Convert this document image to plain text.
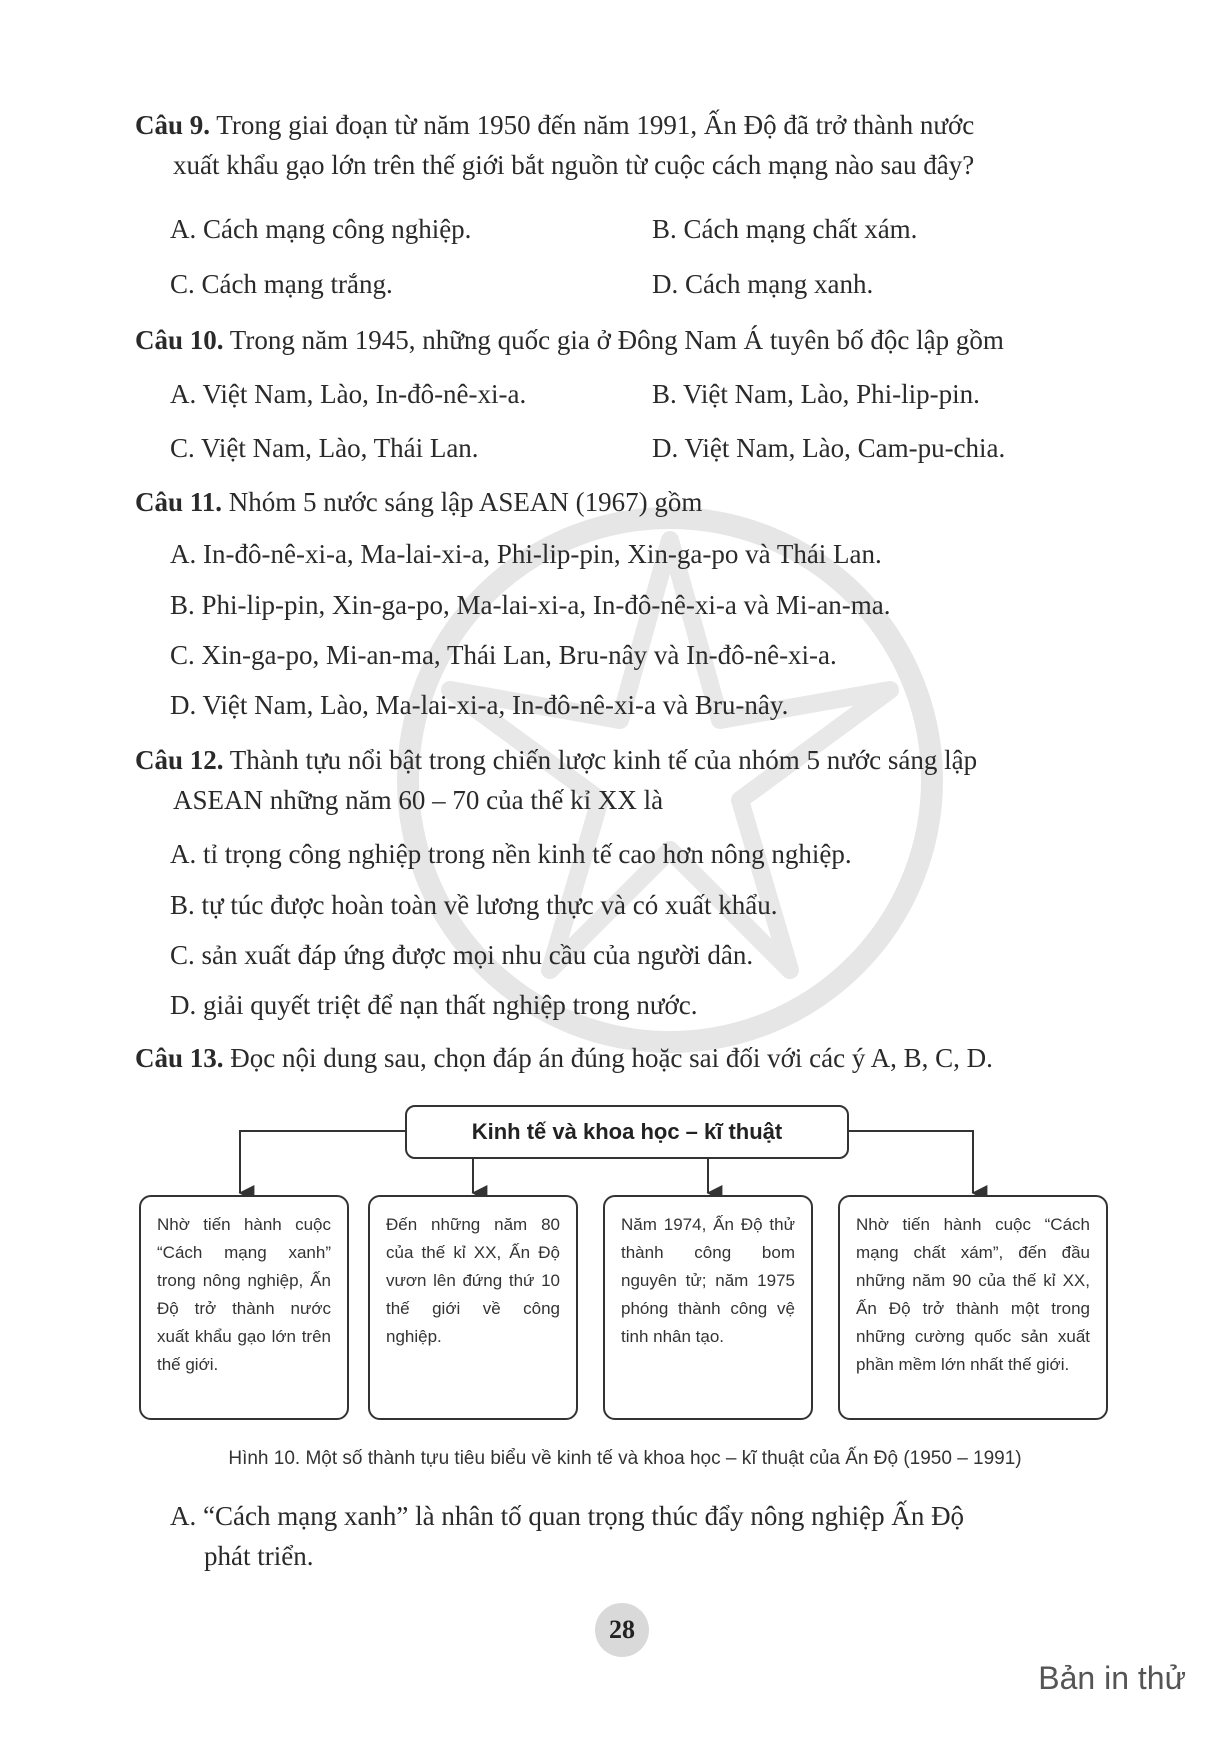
Câu 9. Trong giai đoạn từ năm 1950 đến năm 1991, Ấn Độ đã trở thành nước
xuất khẩu gạo lớn trên thế giới bắt nguồn từ cuộc cách mạng nào sau đây?
A. Cách mạng công nghiệp.	B. Cách mạng chất xám.
C. Cách mạng trắng.	D. Cách mạng xanh.
Câu 10. Trong năm 1945, những quốc gia ở Đông Nam Á tuyên bố độc lập gồm
A. Việt Nam, Lào, In-đô-nê-xi-a.	B. Việt Nam, Lào, Phi-lip-pin.
C. Việt Nam, Lào, Thái Lan.	D. Việt Nam, Lào, Cam-pu-chia.
Câu 11. Nhóm 5 nước sáng lập ASEAN (1967) gồm
A. In-đô-nê-xi-a, Ma-lai-xi-a, Phi-lip-pin, Xin-ga-po và Thái Lan.
B. Phi-lip-pin, Xin-ga-po, Ma-lai-xi-a, In-đô-nê-xi-a và Mi-an-ma.
C. Xin-ga-po, Mi-an-ma, Thái Lan, Bru-nây và In-đô-nê-xi-a.
D. Việt Nam, Lào, Ma-lai-xi-a, In-đô-nê-xi-a và Bru-nây.
Câu 12. Thành tựu nổi bật trong chiến lược kinh tế của nhóm 5 nước sáng lập
ASEAN những năm 60 – 70 của thế kỉ XX là
A. tỉ trọng công nghiệp trong nền kinh tế cao hơn nông nghiệp.
B. tự túc được hoàn toàn về lương thực và có xuất khẩu.
C. sản xuất đáp ứng được mọi nhu cầu của người dân.
D. giải quyết triệt để nạn thất nghiệp trong nước.
Câu 13. Đọc nội dung sau, chọn đáp án đúng hoặc sai đối với các ý A, B, C, D.
Kinh tế và khoa học – kĩ thuật
Nhờ tiến hành cuộc “Cách mạng xanh” trong nông nghiệp, Ấn Độ trở thành nước xuất khẩu gạo lớn trên thế giới.
Đến những năm 80 của thế kỉ XX, Ấn Độ vươn lên đứng thứ 10 thế giới về công nghiệp.
Năm 1974, Ấn Độ thử thành công bom nguyên tử; năm 1975 phóng thành công vệ tinh nhân tạo.
Nhờ tiến hành cuộc “Cách mạng chất xám”, đến đầu những năm 90 của thế kỉ XX, Ấn Độ trở thành một trong những cường quốc sản xuất phần mềm lớn nhất thế giới.
Hình 10. Một số thành tựu tiêu biểu về kinh tế và khoa học – kĩ thuật của Ấn Độ (1950 – 1991)
A. “Cách mạng xanh” là nhân tố quan trọng thúc đẩy nông nghiệp Ấn Độ
phát triển.
28
Bản in thử
